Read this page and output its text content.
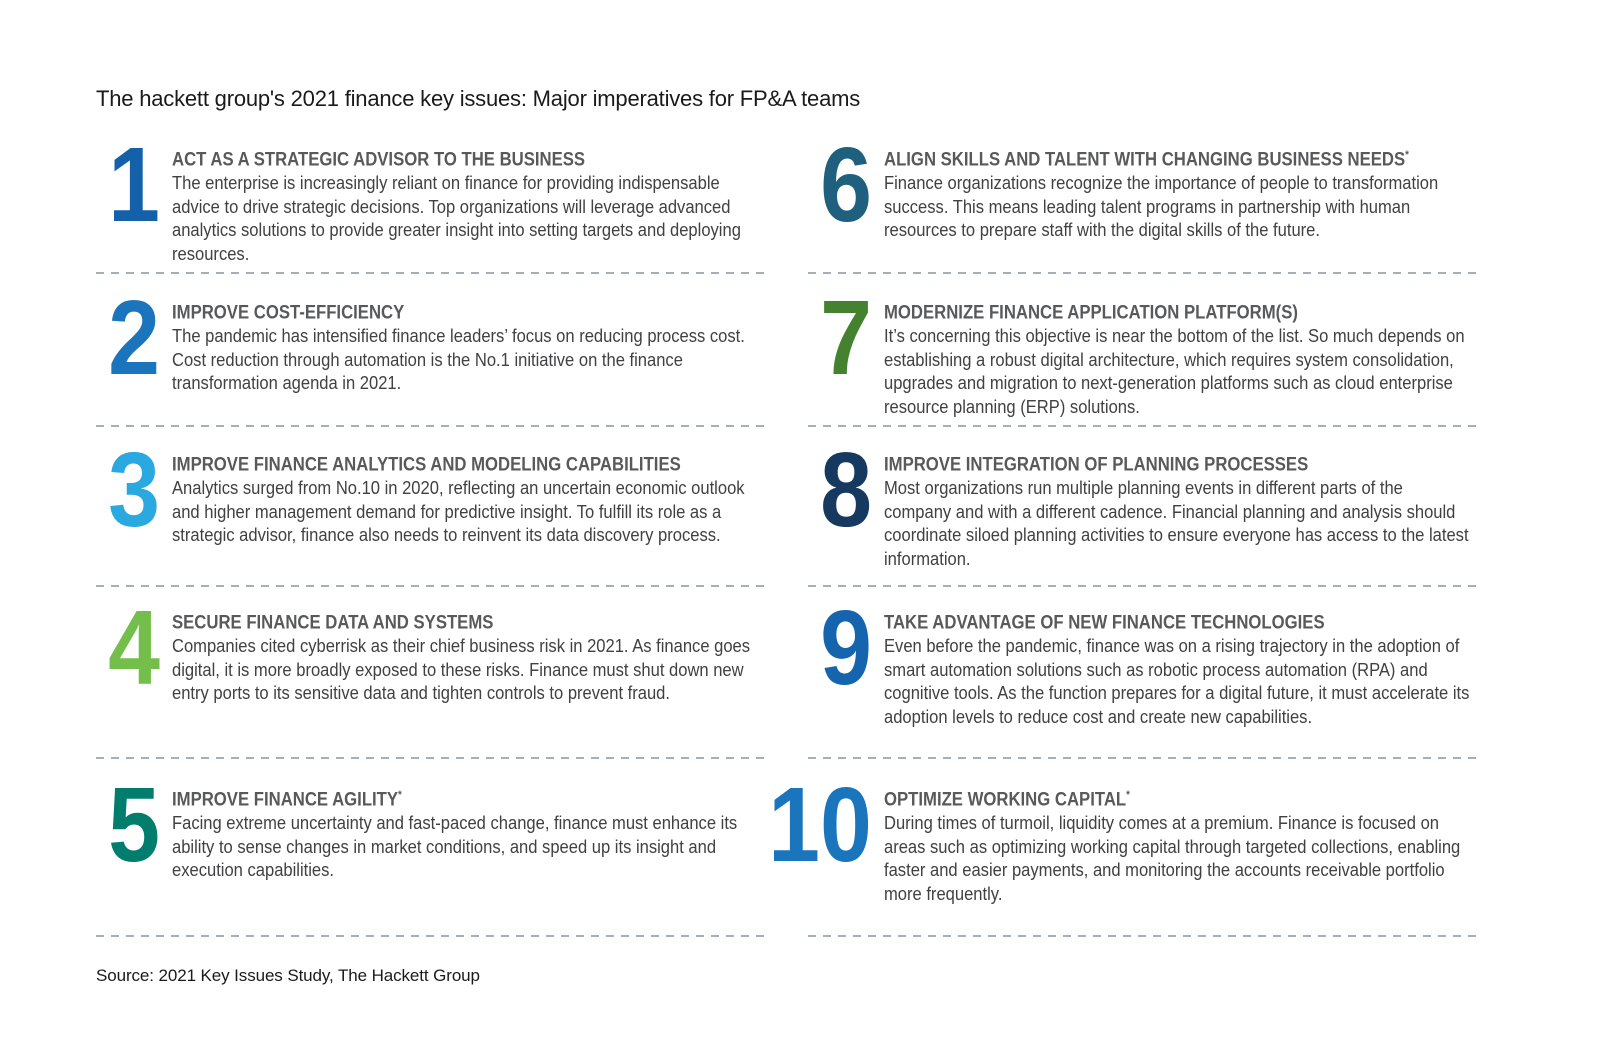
The hackett group's 2021 finance key issues: Major imperatives for FP&A teams
1 ACT AS A STRATEGIC ADVISOR TO THE BUSINESS
The enterprise is increasingly reliant on finance for providing indispensable advice to drive strategic decisions. Top organizations will leverage advanced analytics solutions to provide greater insight into setting targets and deploying resources.
2 IMPROVE COST-EFFICIENCY
The pandemic has intensified finance leaders’ focus on reducing process cost. Cost reduction through automation is the No.1 initiative on the finance transformation agenda in 2021.
3 IMPROVE FINANCE ANALYTICS AND MODELING CAPABILITIES
Analytics surged from No.10 in 2020, reflecting an uncertain economic outlook and higher management demand for predictive insight. To fulfill its role as a strategic advisor, finance also needs to reinvent its data discovery process.
4 SECURE FINANCE DATA AND SYSTEMS
Companies cited cyberrisk as their chief business risk in 2021. As finance goes digital, it is more broadly exposed to these risks. Finance must shut down new entry ports to its sensitive data and tighten controls to prevent fraud.
5 IMPROVE FINANCE AGILITY*
Facing extreme uncertainty and fast-paced change, finance must enhance its ability to sense changes in market conditions, and speed up its insight and execution capabilities.
6 ALIGN SKILLS AND TALENT WITH CHANGING BUSINESS NEEDS*
Finance organizations recognize the importance of people to transformation success. This means leading talent programs in partnership with human resources to prepare staff with the digital skills of the future.
7 MODERNIZE FINANCE APPLICATION PLATFORM(S)
It’s concerning this objective is near the bottom of the list. So much depends on establishing a robust digital architecture, which requires system consolidation, upgrades and migration to next-generation platforms such as cloud enterprise resource planning (ERP) solutions.
8 IMPROVE INTEGRATION OF PLANNING PROCESSES
Most organizations run multiple planning events in different parts of the company and with a different cadence. Financial planning and analysis should coordinate siloed planning activities to ensure everyone has access to the latest information.
9 TAKE ADVANTAGE OF NEW FINANCE TECHNOLOGIES
Even before the pandemic, finance was on a rising trajectory in the adoption of smart automation solutions such as robotic process automation (RPA) and cognitive tools. As the function prepares for a digital future, it must accelerate its adoption levels to reduce cost and create new capabilities.
10 OPTIMIZE WORKING CAPITAL*
During times of turmoil, liquidity comes at a premium. Finance is focused on areas such as optimizing working capital through targeted collections, enabling faster and easier payments, and monitoring the accounts receivable portfolio more frequently.
Source: 2021 Key Issues Study, The Hackett Group
